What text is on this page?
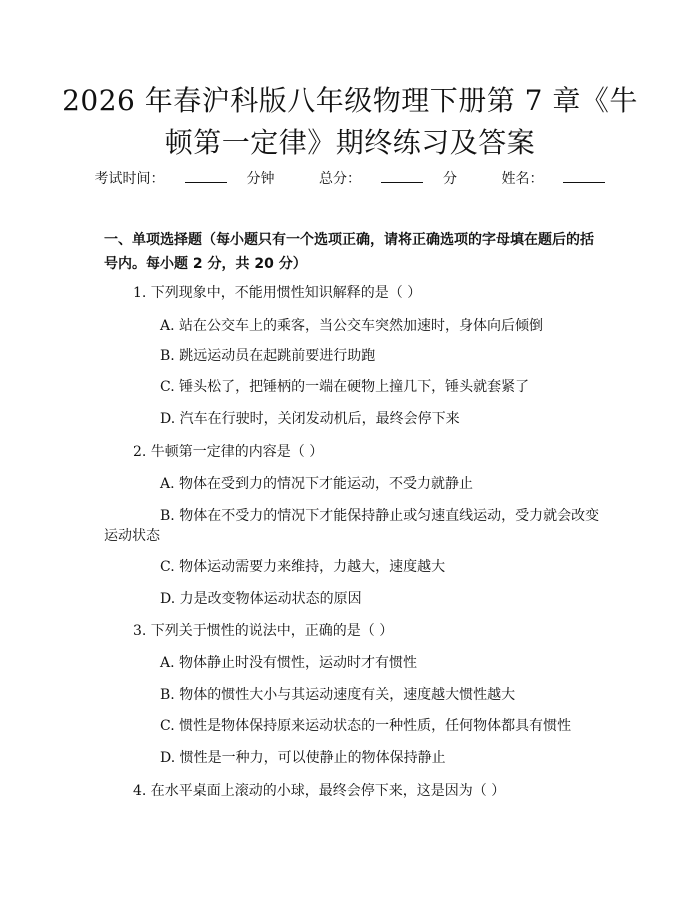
2026 年春沪科版八年级物理下册第 7 章《牛
顿第一定律》期终练习及答案
考试时间：	分钟	总分：	分	姓名：
一、单项选择题（每小题只有一个选项正确，请将正确选项的字母填在题后的括号内。每小题 2 分，共 20 分）
1. 下列现象中，不能用惯性知识解释的是（ ）
A. 站在公交车上的乘客，当公交车突然加速时，身体向后倾倒
B. 跳远运动员在起跳前要进行助跑
C. 锤头松了，把锤柄的一端在硬物上撞几下，锤头就套紧了
D. 汽车在行驶时，关闭发动机后，最终会停下来
2. 牛顿第一定律的内容是（ ）
A. 物体在受到力的情况下才能运动，不受力就静止
B. 物体在不受力的情况下才能保持静止或匀速直线运动，受力就会改变
运动状态
C. 物体运动需要力来维持，力越大，速度越大
D. 力是改变物体运动状态的原因
3. 下列关于惯性的说法中，正确的是（ ）
A. 物体静止时没有惯性，运动时才有惯性
B. 物体的惯性大小与其运动速度有关，速度越大惯性越大
C. 惯性是物体保持原来运动状态的一种性质，任何物体都具有惯性
D. 惯性是一种力，可以使静止的物体保持静止
4. 在水平桌面上滚动的小球，最终会停下来，这是因为（ ）
